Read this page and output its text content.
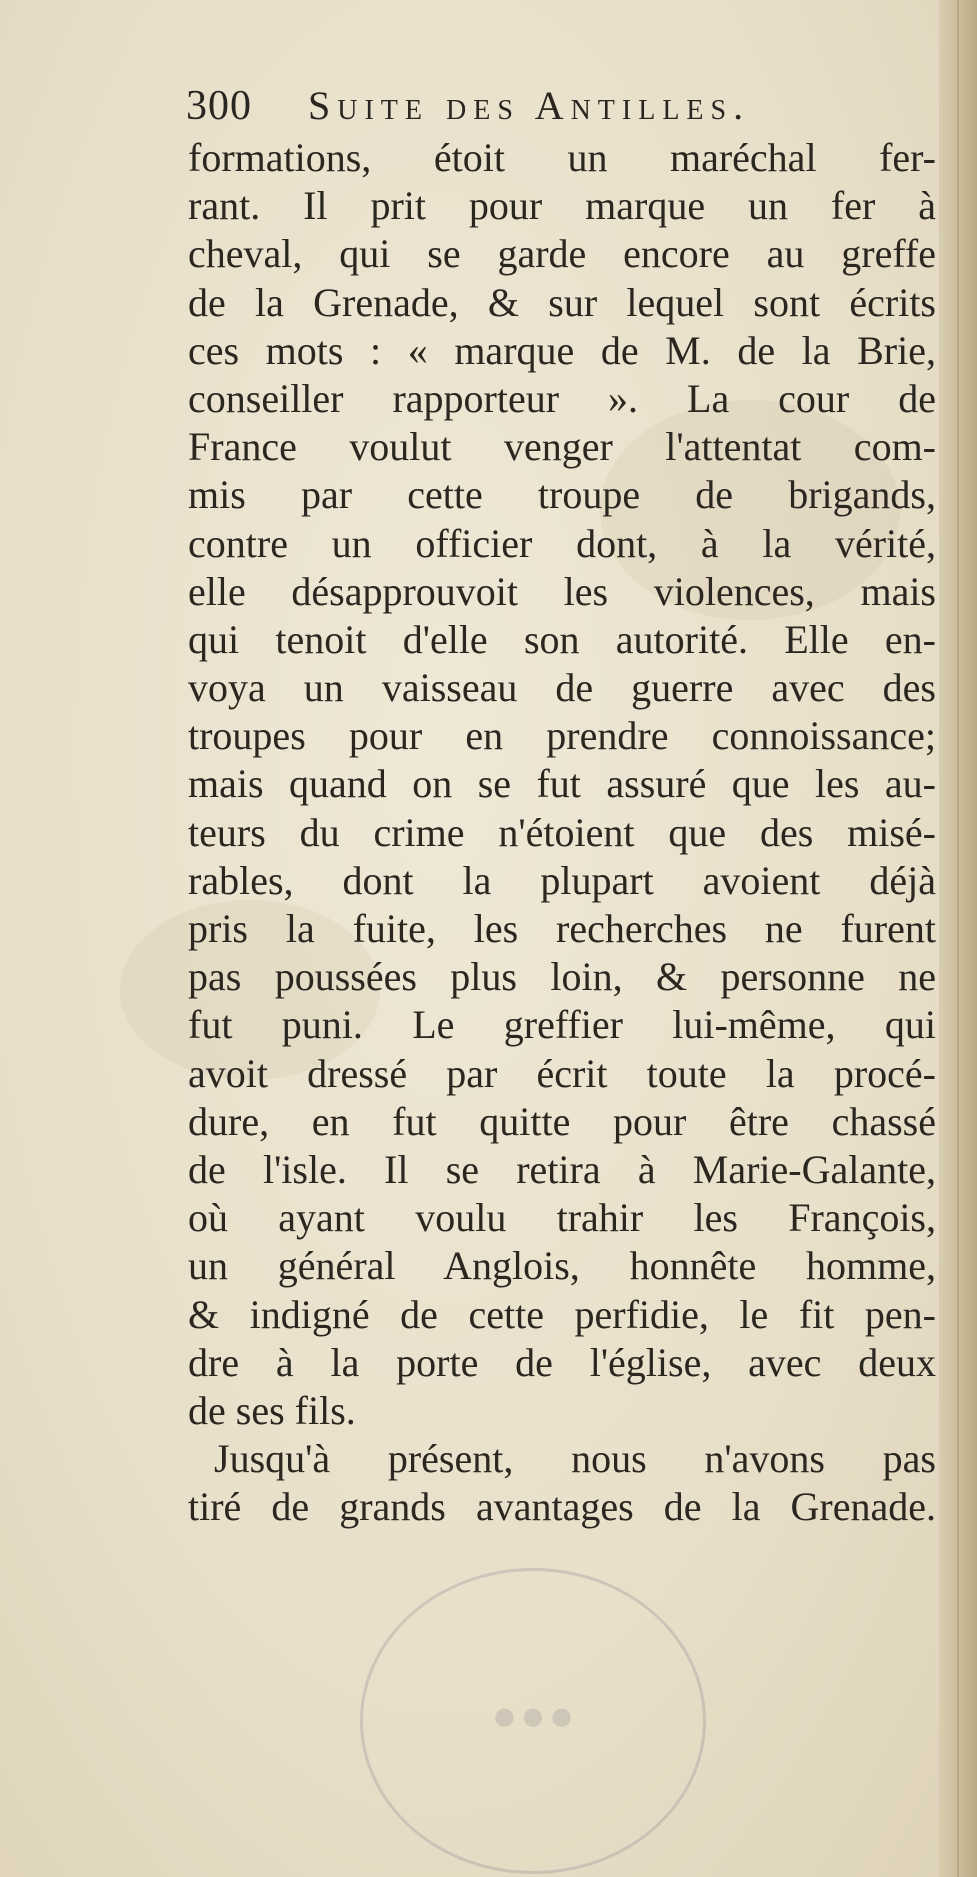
300 Suite des Antilles.
formations, étoit un maréchal fer-
rant. Il prit pour marque un fer à
cheval, qui se garde encore au greffe
de la Grenade, & sur lequel sont écrits
ces mots : « marque de M. de la Brie,
conseiller rapporteur ». La cour de
France voulut venger l'attentat com-
mis par cette troupe de brigands,
contre un officier dont, à la vérité,
elle désapprouvoit les violences, mais
qui tenoit d'elle son autorité. Elle en-
voya un vaisseau de guerre avec des
troupes pour en prendre connoissance;
mais quand on se fut assuré que les au-
teurs du crime n'étoient que des misé-
rables, dont la plupart avoient déjà
pris la fuite, les recherches ne furent
pas poussées plus loin, & personne ne
fut puni. Le greffier lui-même, qui
avoit dressé par écrit toute la procé-
dure, en fut quitte pour être chassé
de l'isle. Il se retira à Marie-Galante,
où ayant voulu trahir les François,
un général Anglois, honnête homme,
& indigné de cette perfidie, le fit pen-
dre à la porte de l'église, avec deux
de ses fils.
Jusqu'à présent, nous n'avons pas
tiré de grands avantages de la Grenade.
● ● ●
